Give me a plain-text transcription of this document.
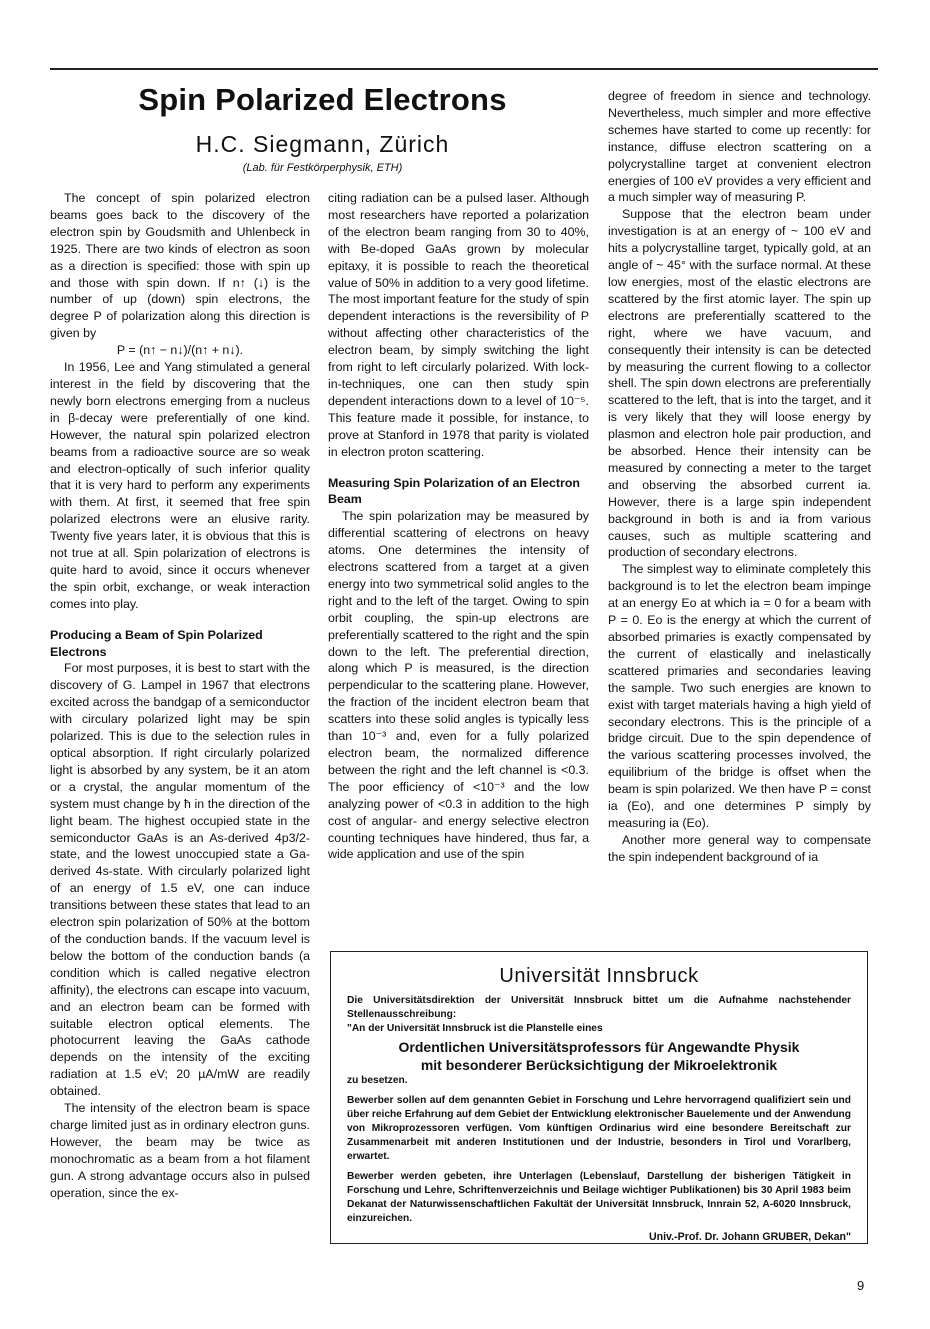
Spin Polarized Electrons

H.C. Siegmann, Zürich

(Lab. für Festkörperphysik, ETH)

The concept of spin polarized electron beams goes back to the discovery of the electron spin by Goudsmith and Uhlenbeck in 1925. There are two kinds of electron as soon as a direction is specified: those with spin up and those with spin down. If n↑ (↓) is the number of up (down) spin electrons, the degree P of polarization along this direction is given by

P = (n↑ − n↓)/(n↑ + n↓).

In 1956, Lee and Yang stimulated a general interest in the field by discovering that the newly born electrons emerging from a nucleus in β-decay were preferentially of one kind. However, the natural spin polarized electron beams from a radioactive source are so weak and electron-optically of such inferior quality that it is very hard to perform any experiments with them. At first, it seemed that free spin polarized electrons were an elusive rarity. Twenty five years later, it is obvious that this is not true at all. Spin polarization of electrons is quite hard to avoid, since it occurs whenever the spin orbit, exchange, or weak interaction comes into play.

Producing a Beam of Spin Polarized Electrons

For most purposes, it is best to start with the discovery of G. Lampel in 1967 that electrons excited across the bandgap of a semiconductor with circulary polarized light may be spin polarized. This is due to the selection rules in optical absorption. If right circularly polarized light is absorbed by any system, be it an atom or a crystal, the angular momentum of the system must change by ħ in the direction of the light beam. The highest occupied state in the semiconductor GaAs is an As-derived 4p3/2-state, and the lowest unoccupied state a Ga-derived 4s-state. With circularly polarized light of an energy of 1.5 eV, one can induce transitions between these states that lead to an electron spin polarization of 50% at the bottom of the conduction bands. If the vacuum level is below the bottom of the conduction bands (a condition which is called negative electron affinity), the electrons can escape into vacuum, and an electron beam can be formed with suitable electron optical elements. The photocurrent leaving the GaAs cathode depends on the intensity of the exciting radiation at 1.5 eV; 20 µA/mW are readily obtained.

The intensity of the electron beam is space charge limited just as in ordinary electron guns. However, the beam may be twice as monochromatic as a beam from a hot filament gun. A strong advantage occurs also in pulsed operation, since the ex-

citing radiation can be a pulsed laser. Although most researchers have reported a polarization of the electron beam ranging from 30 to 40%, with Be-doped GaAs grown by molecular epitaxy, it is possible to reach the theoretical value of 50% in addition to a very good lifetime. The most important feature for the study of spin dependent interactions is the reversibility of P without affecting other characteristics of the electron beam, by simply switching the light from right to left circularly polarized. With lock-in-techniques, one can then study spin dependent interactions down to a level of 10⁻⁵. This feature made it possible, for instance, to prove at Stanford in 1978 that parity is violated in electron proton scattering.

Measuring Spin Polarization of an Electron Beam

The spin polarization may be measured by differential scattering of electrons on heavy atoms. One determines the intensity of electrons scattered from a target at a given energy into two symmetrical solid angles to the right and to the left of the target. Owing to spin orbit coupling, the spin-up electrons are preferentially scattered to the right and the spin down to the left. The preferential direction, along which P is measured, is the direction perpendicular to the scattering plane. However, the fraction of the incident electron beam that scatters into these solid angles is typically less than 10⁻³ and, even for a fully polarized electron beam, the normalized difference between the right and the left channel is <0.3. The poor efficiency of <10⁻³ and the low analyzing power of <0.3 in addition to the high cost of angular- and energy selective electron counting techniques have hindered, thus far, a wide application and use of the spin

degree of freedom in sience and technology. Nevertheless, much simpler and more effective schemes have started to come up recently: for instance, diffuse electron scattering on a polycrystalline target at convenient electron energies of 100 eV provides a very efficient and a much simpler way of measuring P.

Suppose that the electron beam under investigation is at an energy of ~ 100 eV and hits a polycrystalline target, typically gold, at an angle of ~ 45° with the surface normal. At these low energies, most of the elastic electrons are scattered by the first atomic layer. The spin up electrons are preferentially scattered to the right, where we have vacuum, and consequently their intensity is can be detected by measuring the current flowing to a collector shell. The spin down electrons are preferentially scattered to the left, that is into the target, and it is very likely that they will loose energy by plasmon and electron hole pair production, and be absorbed. Hence their intensity can be measured by connecting a meter to the target and observing the absorbed current ia. However, there is a large spin independent background in both is and ia from various causes, such as multiple scattering and production of secondary electrons.

The simplest way to eliminate completely this background is to let the electron beam impinge at an energy Eo at which ia = 0 for a beam with P = 0. Eo is the energy at which the current of absorbed primaries is exactly compensated by the current of elastically and inelastically scattered primaries and secondaries leaving the sample. Two such energies are known to exist with target materials having a high yield of secondary electrons. This is the principle of a bridge circuit. Due to the spin dependence of the various scattering processes involved, the equilibrium of the bridge is offset when the beam is spin polarized. We then have P = const ia (Eo), and one determines P simply by measuring ia (Eo).

Another more general way to compensate the spin independent background of ia

Universität Innsbruck

Die Universitätsdirektion der Universität Innsbruck bittet um die Aufnahme nachstehender Stellenausschreibung:

"An der Universität Innsbruck ist die Planstelle eines

Ordentlichen Universitätsprofessors für Angewandte Physik
mit besonderer Berücksichtigung der Mikroelektronik

zu besetzen.

Bewerber sollen auf dem genannten Gebiet in Forschung und Lehre hervorragend qualifiziert sein und über reiche Erfahrung auf dem Gebiet der Entwicklung elektronischer Bauelemente und der Anwendung von Mikroprozessoren verfügen. Vom künftigen Ordinarius wird eine besondere Bereitschaft zur Zusammenarbeit mit anderen Institutionen und der Industrie, besonders in Tirol und Vorarlberg, erwartet.

Bewerber werden gebeten, ihre Unterlagen (Lebenslauf, Darstellung der bisherigen Tätigkeit in Forschung und Lehre, Schriftenverzeichnis und Beilage wichtiger Publikationen) bis 30 April 1983 beim Dekanat der Naturwissenschaftlichen Fakultät der Universität Innsbruck, Innrain 52, A-6020 Innsbruck, einzureichen.

Univ.-Prof. Dr. Johann GRUBER, Dekan"

9
